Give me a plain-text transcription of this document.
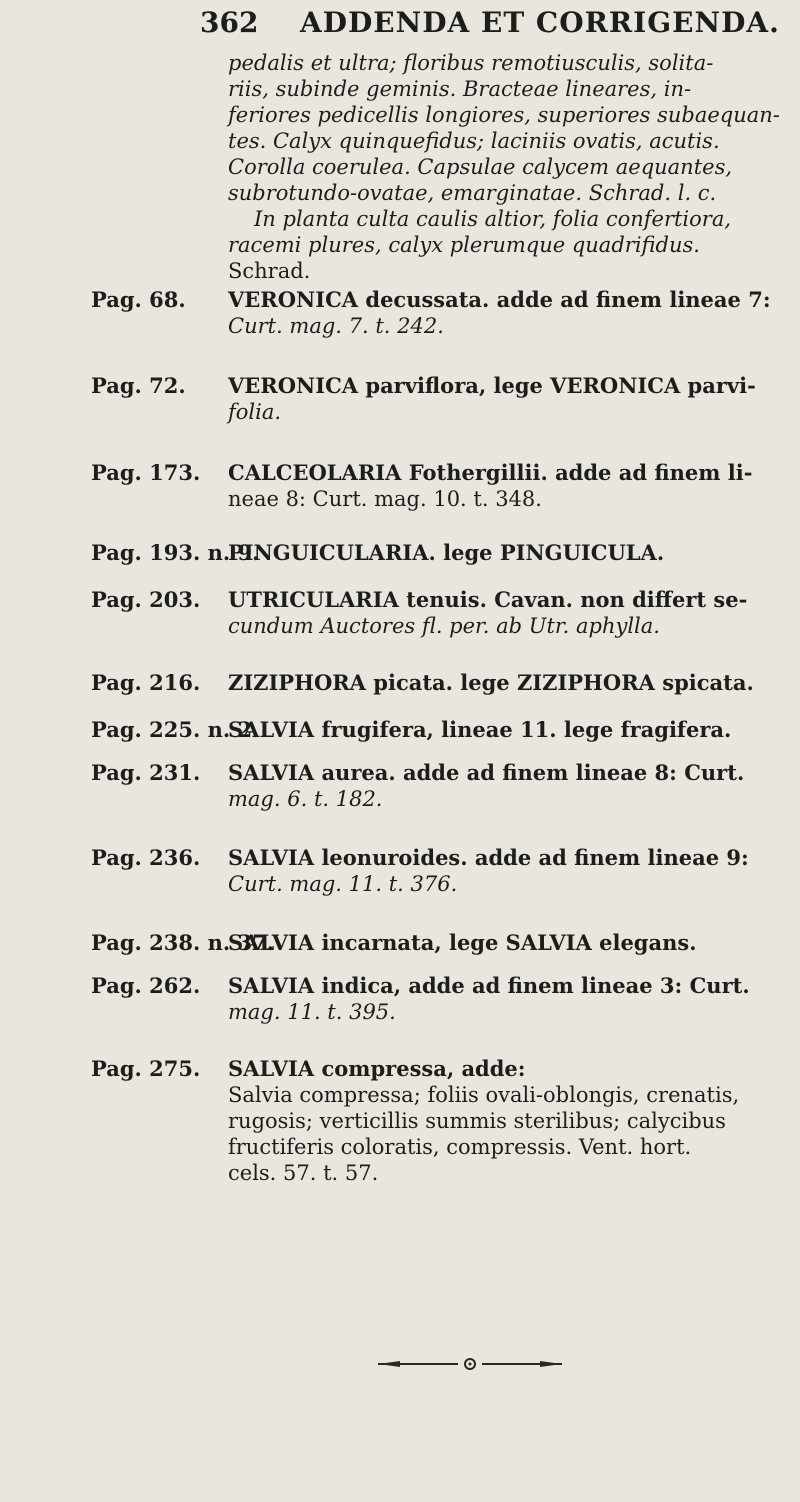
362 ADDENDA ET CORRIGENDA.

pedalis et ultra; floribus remotiusculis, solita-

riis, subinde geminis. Bracteae lineares, in-

feriores pedicellis longiores, superiores subaequan-

tes. Calyx quinquefidus; laciniis ovatis, acutis.

Corolla coerulea. Capsulae calycem aequantes,

subrotundo-ovatae, emarginatae. Schrad. l. c.

In planta culta caulis altior, folia confertiora,

racemi plures, calyx plerumque quadrifidus.

Schrad.

Pag. 68. VERONICA decussata. adde ad finem lineae 7:
Curt. mag. 7. t. 242.
Pag. 72. VERONICA parviflora, lege VERONICA parvi-
folia.
Pag. 173. CALCEOLARIA Fothergillii. adde ad finem li-
neae 8: Curt. mag. 10. t. 348.
Pag. 193. n. 9.
PINGUICULARIA. lege PINGUICULA.
Pag. 203. UTRICULARIA tenuis. Cavan. non differt se-
cundum Auctores fl. per. ab Utr. aphylla.
Pag. 216. ZIZIPHORA picata. lege ZIZIPHORA spicata.
Pag. 225. n. 2.
SALVIA frugifera, lineae 11. lege fragifera.
Pag. 231. SALVIA aurea. adde ad finem lineae 8: Curt.
mag. 6. t. 182.
Pag. 236. SALVIA leonuroides. adde ad finem lineae 9:
Curt. mag. 11. t. 376.
Pag. 238. n. 37.
SALVIA incarnata, lege SALVIA elegans.
Pag. 262. SALVIA indica, adde ad finem lineae 3: Curt.
mag. 11. t. 395.
Pag. 275. SALVIA compressa, adde:
Salvia compressa; foliis ovali-oblongis, crenatis,
rugosis; verticillis summis sterilibus; calycibus
fructiferis coloratis, compressis. Vent. hort.
cels. 57. t. 57.
